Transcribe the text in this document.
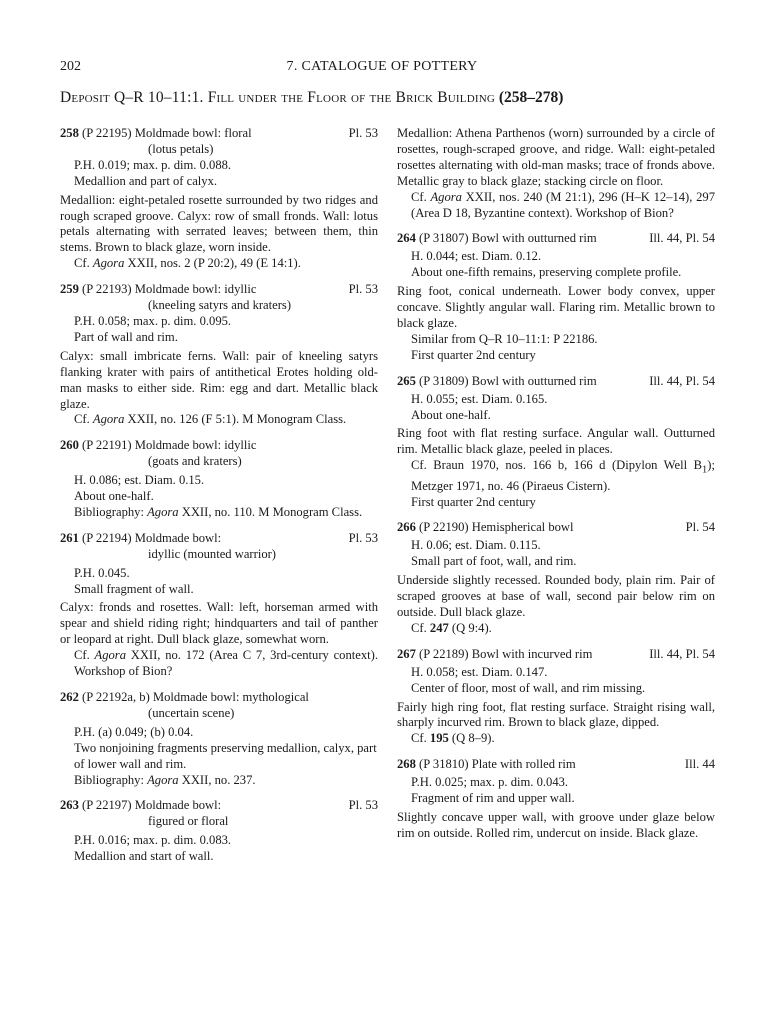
202	7. CATALOGUE OF POTTERY
Deposit Q–R 10–11:1. Fill under the Floor of the Brick Building (258–278)
258 (P 22195) Moldmade bowl: floral	Pl. 53
(lotus petals)
P.H. 0.019; max. p. dim. 0.088.
Medallion and part of calyx.
Medallion: eight-petaled rosette surrounded by two ridges and rough scraped groove. Calyx: row of small fronds. Wall: lotus petals alternating with serrated leaves; between them, thin stems. Brown to black glaze, worn inside.
Cf. Agora XXII, nos. 2 (P 20:2), 49 (E 14:1).
259 (P 22193) Moldmade bowl: idyllic	Pl. 53
(kneeling satyrs and kraters)
P.H. 0.058; max. p. dim. 0.095.
Part of wall and rim.
Calyx: small imbricate ferns. Wall: pair of kneeling satyrs flanking krater with pairs of antithetical Erotes holding old-man masks to either side. Rim: egg and dart. Metallic black glaze.
Cf. Agora XXII, no. 126 (F 5:1). M Monogram Class.
260 (P 22191) Moldmade bowl: idyllic
(goats and kraters)
H. 0.086; est. Diam. 0.15.
About one-half.
Bibliography: Agora XXII, no. 110. M Monogram Class.
261 (P 22194) Moldmade bowl:	Pl. 53
idyllic (mounted warrior)
P.H. 0.045.
Small fragment of wall.
Calyx: fronds and rosettes. Wall: left, horseman armed with spear and shield riding right; hindquarters and tail of panther or leopard at right. Dull black glaze, somewhat worn.
Cf. Agora XXII, no. 172 (Area C 7, 3rd-century context). Workshop of Bion?
262 (P 22192a, b) Moldmade bowl: mythological
(uncertain scene)
P.H. (a) 0.049; (b) 0.04.
Two nonjoining fragments preserving medallion, calyx, part of lower wall and rim.
Bibliography: Agora XXII, no. 237.
263 (P 22197) Moldmade bowl:	Pl. 53
figured or floral
P.H. 0.016; max. p. dim. 0.083.
Medallion and start of wall.
Medallion: Athena Parthenos (worn) surrounded by a circle of rosettes, rough-scraped groove, and ridge. Wall: eight-petaled rosettes alternating with old-man masks; trace of fronds above. Metallic gray to black glaze; stacking circle on floor.
Cf. Agora XXII, nos. 240 (M 21:1), 296 (H–K 12–14), 297 (Area D 18, Byzantine context). Workshop of Bion?
264 (P 31807) Bowl with outturned rim	Ill. 44, Pl. 54
H. 0.044; est. Diam. 0.12.
About one-fifth remains, preserving complete profile.
Ring foot, conical underneath. Lower body convex, upper concave. Slightly angular wall. Flaring rim. Metallic brown to black glaze.
Similar from Q–R 10–11:1: P 22186.
First quarter 2nd century
265 (P 31809) Bowl with outturned rim	Ill. 44, Pl. 54
H. 0.055; est. Diam. 0.165.
About one-half.
Ring foot with flat resting surface. Angular wall. Outturned rim. Metallic black glaze, peeled in places.
Cf. Braun 1970, nos. 166 b, 166 d (Dipylon Well $B_1$); Metzger 1971, no. 46 (Piraeus Cistern).
First quarter 2nd century
266 (P 22190) Hemispherical bowl	Pl. 54
H. 0.06; est. Diam. 0.115.
Small part of foot, wall, and rim.
Underside slightly recessed. Rounded body, plain rim. Pair of scraped grooves at base of wall, second pair below rim on outside. Dull black glaze.
Cf. 247 (Q 9:4).
267 (P 22189) Bowl with incurved rim	Ill. 44, Pl. 54
H. 0.058; est. Diam. 0.147.
Center of floor, most of wall, and rim missing.
Fairly high ring foot, flat resting surface. Straight rising wall, sharply incurved rim. Brown to black glaze, dipped.
Cf. 195 (Q 8–9).
268 (P 31810) Plate with rolled rim	Ill. 44
P.H. 0.025; max. p. dim. 0.043.
Fragment of rim and upper wall.
Slightly concave upper wall, with groove under glaze below rim on outside. Rolled rim, undercut on inside. Black glaze.
